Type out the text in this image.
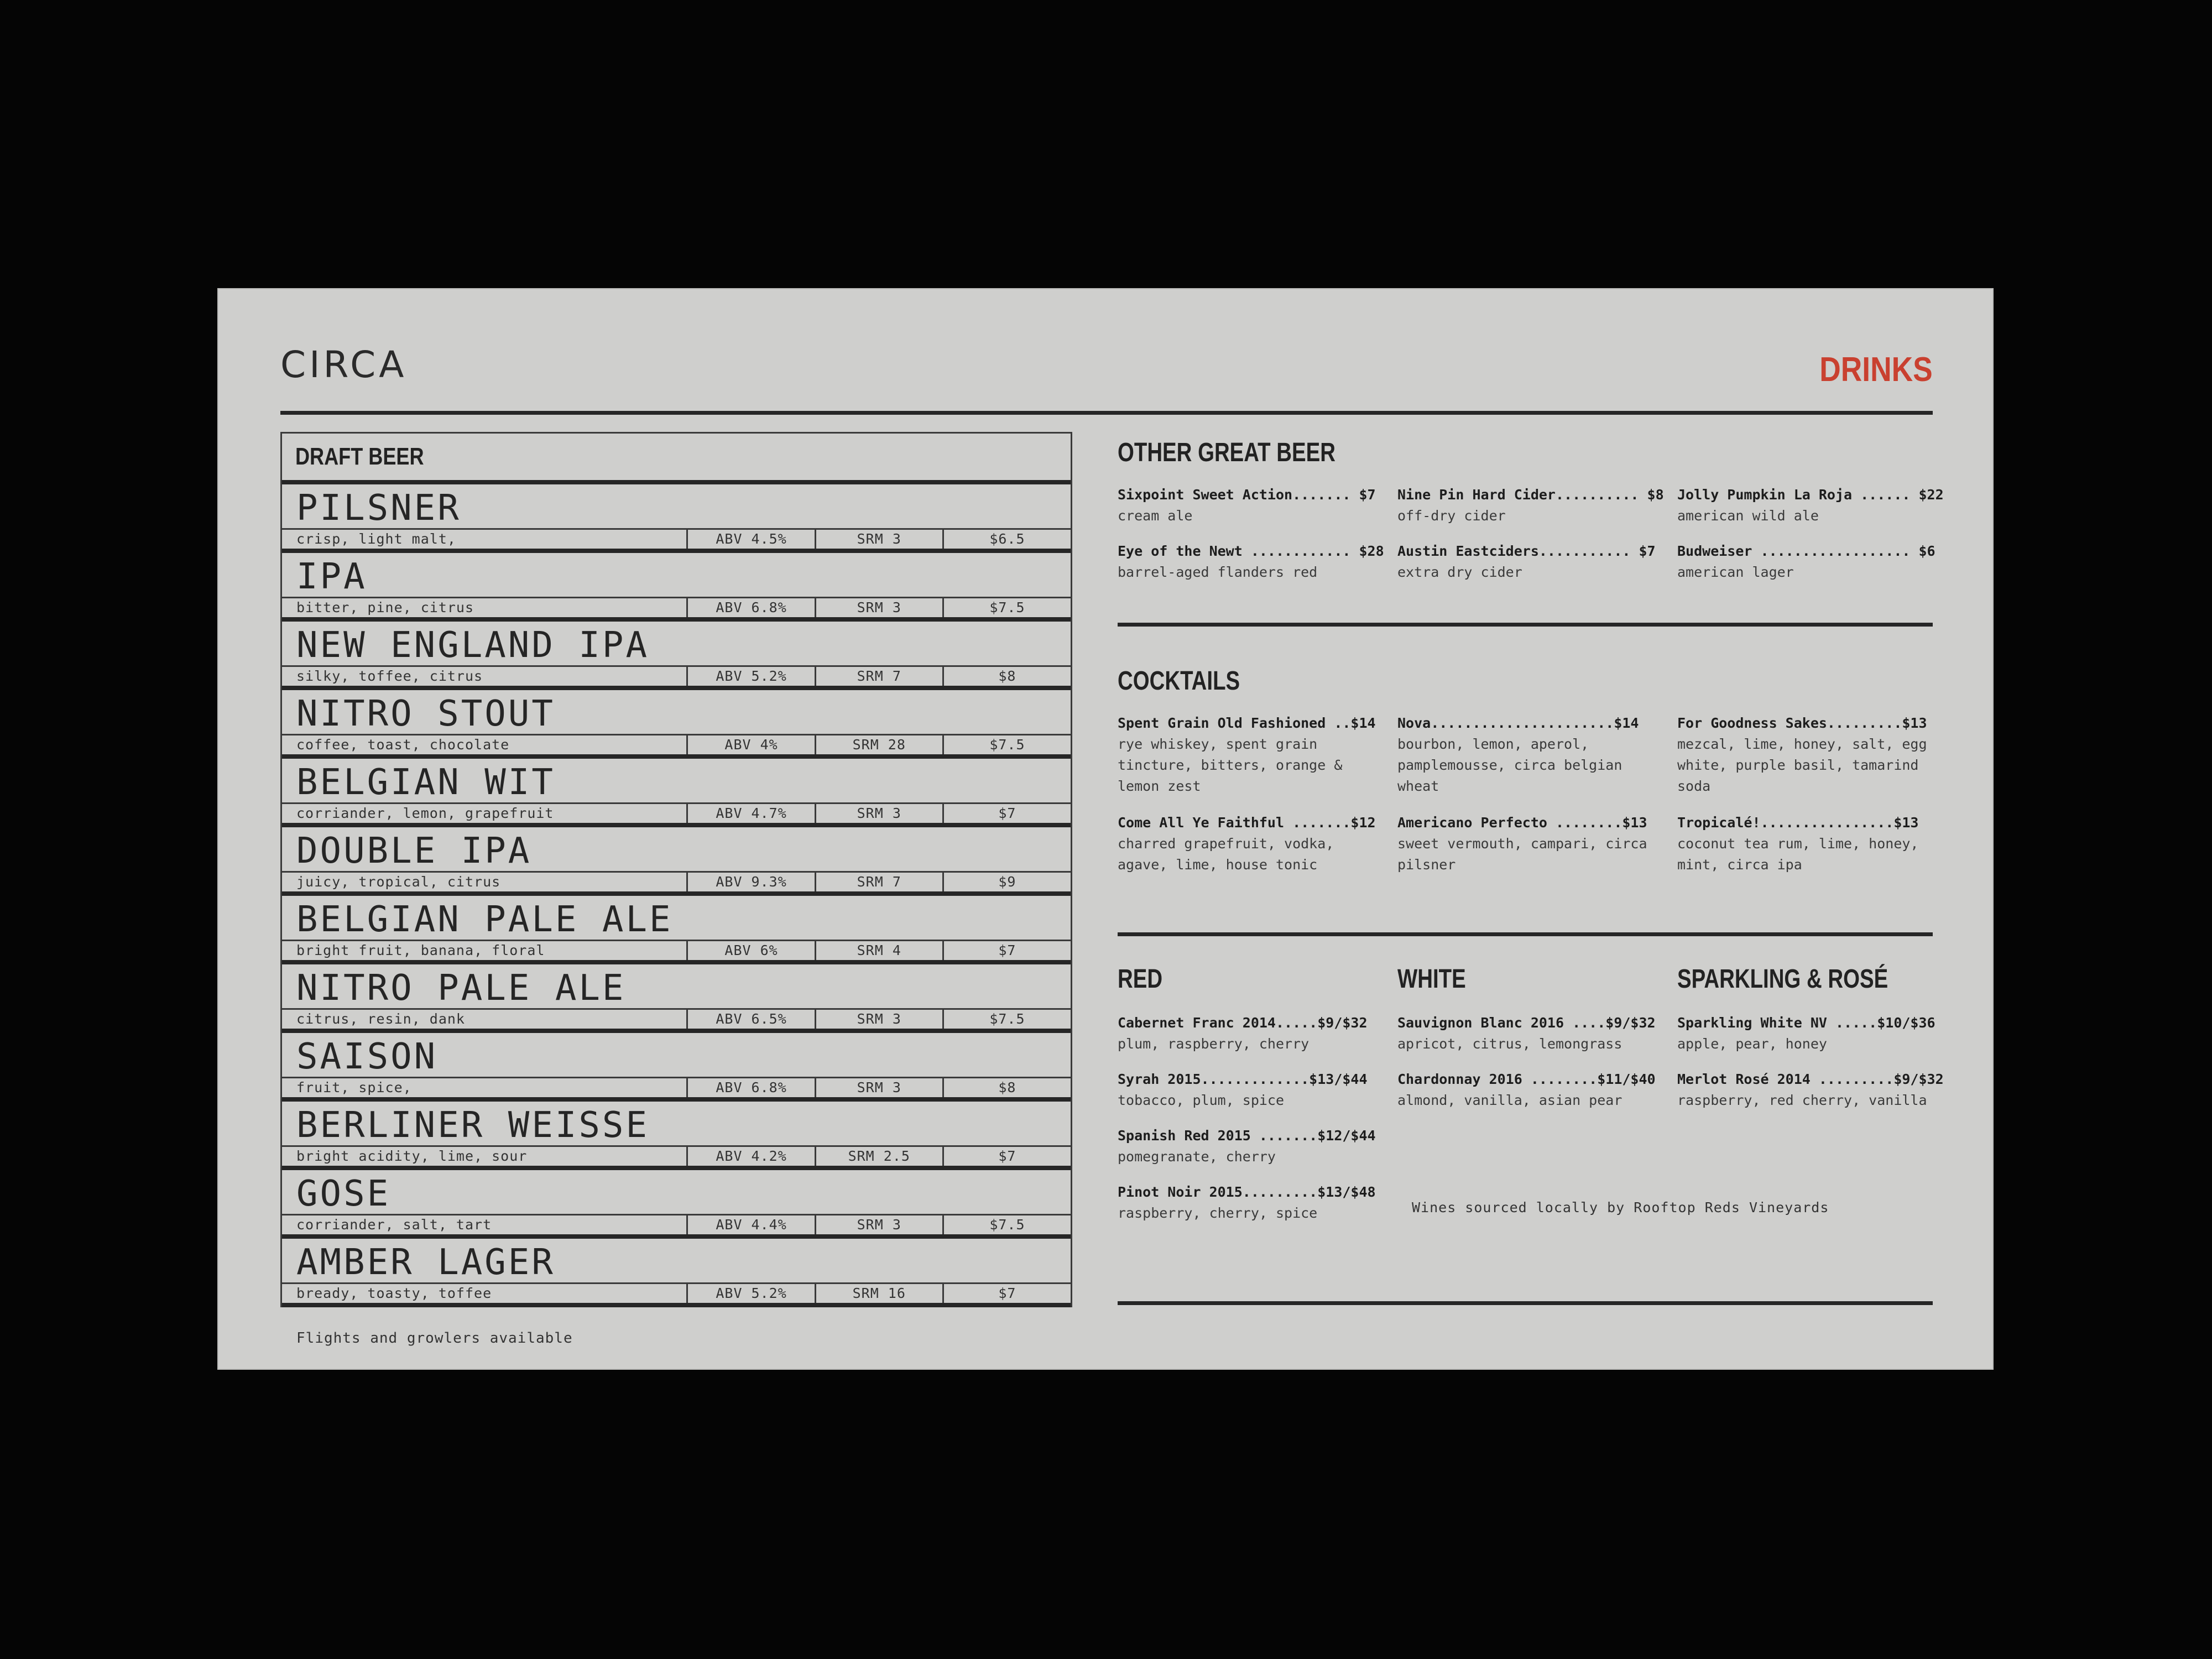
CIRCA	DRINKS
DRAFT BEER
PILSNER
crisp, light malt,	ABV 4.5%	SRM 3	$6.5
IPA
bitter, pine, citrus	ABV 6.8%	SRM 3	$7.5
NEW ENGLAND IPA
silky, toffee, citrus	ABV 5.2%	SRM 7	$8
NITRO STOUT
coffee, toast, chocolate	ABV 4%	SRM 28	$7.5
BELGIAN WIT
corriander, lemon, grapefruit	ABV 4.7%	SRM 3	$7
DOUBLE IPA
juicy, tropical, citrus	ABV 9.3%	SRM 7	$9
BELGIAN PALE ALE
bright fruit, banana, floral	ABV 6%	SRM 4	$7
NITRO PALE ALE
citrus, resin, dank	ABV 6.5%	SRM 3	$7.5
SAISON
fruit, spice,	ABV 6.8%	SRM 3	$8
BERLINER WEISSE
bright acidity, lime, sour	ABV 4.2%	SRM 2.5	$7
GOSE
corriander, salt, tart	ABV 4.4%	SRM 3	$7.5
AMBER LAGER
bready, toasty, toffee	ABV 5.2%	SRM 16	$7
Flights and growlers available
OTHER GREAT BEER
Sixpoint Sweet Action....... $7
cream ale
Eye of the Newt ............ $28
barrel-aged flanders red
Nine Pin Hard Cider.......... $8
off-dry cider
Austin Eastciders........... $7
extra dry cider
Jolly Pumpkin La Roja ...... $22
american wild ale
Budweiser .................. $6
american lager
COCKTAILS
Spent Grain Old Fashioned ..$14
rye whiskey, spent grain tincture, bitters, orange & lemon zest
Come All Ye Faithful .......$12
charred grapefruit, vodka, agave, lime, house tonic
Nova......................$14
bourbon, lemon, aperol, pamplemousse, circa belgian wheat
Americano Perfecto ........$13
sweet vermouth, campari, circa pilsner
For Goodness Sakes.........$13
mezcal, lime, honey, salt, egg white, purple basil, tamarind soda
Tropicalé!................$13
coconut tea rum, lime, honey, mint, circa ipa
RED	WHITE	SPARKLING & ROSÉ
Cabernet Franc 2014.....$9/$32
plum, raspberry, cherry
Syrah 2015.............$13/$44
tobacco, plum, spice
Spanish Red 2015 .......$12/$44
pomegranate, cherry
Pinot Noir 2015.........$13/$48
raspberry, cherry, spice
Sauvignon Blanc 2016 ....$9/$32
apricot, citrus, lemongrass
Chardonnay 2016 ........$11/$40
almond, vanilla, asian pear
Sparkling White NV .....$10/$36
apple, pear, honey
Merlot Rosé 2014 .........$9/$32
raspberry, red cherry, vanilla
Wines sourced locally by Rooftop Reds Vineyards
